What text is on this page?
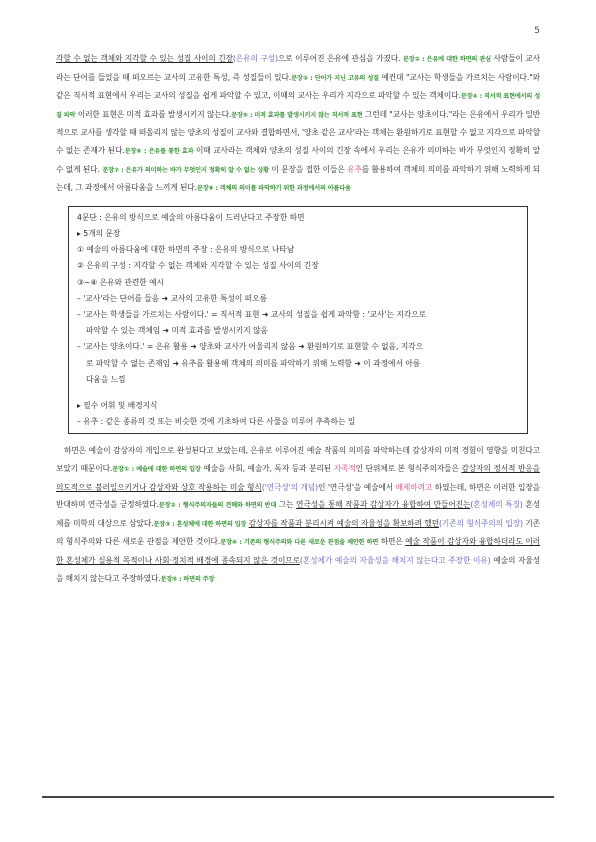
5

각할 수 없는 객체와 지각할 수 있는 성질 사이의 긴장(은유의 구성)으로 이루어진 은유에 관심을 가졌다. 문장② : 은유에 대한 하면의 관심 사람들이 교사라는 단어를 들었을 때 떠오르는 교사의 고유한 특성, 즉 성질들이 있다.문장③ : 단어가 지닌 고유의 성질 예컨대 "교사는 학생들을 가르치는 사람이다."와 같은 직서적 표현에서 우리는 교사의 성질을 쉽게 파악할 수 있고, 이때의 교사는 우리가 지각으로 파악할 수 있는 객체이다.문장④ : 직서적 표현에서의 성질 파악 이러한 표현은 미적 효과를 발생시키지 않는다.문장⑤ : 미적 효과를 발생시키지 않는 직서적 표현 그런데 "교사는 양초이다."라는 은유에서 우리가 일반적으로 교사를 생각할 때 떠올리지 않는 양초의 성질이 교사와 결합하면서, '양초 같은 교사'라는 객체는 환원하기로 표현할 수 없고 지각으로 파악할 수 없는 존재가 된다.문장⑥ : 은유를 통한 효과 이때 교사라는 객체와 양초의 성질 사이의 긴장 속에서 우리는 은유가 의미하는 바가 무엇인지 정확히 알 수 없게 된다. 문장⑦ : 은유가 의미하는 바가 무엇인지 정확히 알 수 없는 상황 이 문장을 접한 이들은 유추를 활용하여 객체의 의미를 파악하기 위해 노력하게 되는데, 그 과정에서 아름다움을 느끼게 된다.문장⑧ : 객체의 의미를 파악하기 위한 과정에서의 아름다움

4문단 : 은유의 방식으로 예술의 아름다움이 드러난다고 주장한 하면
▸ 5개의 문장
① 예술의 아름다움에 대한 하면의 주장 : 은유의 방식으로 나타남
② 은유의 구성 : 지각할 수 없는 객체와 지각할 수 있는 성질 사이의 긴장
③~⑧ 은유와 관련한 예시
– '교사'라는 단어를 들음 ➜ 교사의 고유한 특성이 떠오름
– '교사는 학생들을 가르치는 사람이다.' = 직서적 표현 ➜ 교사의 성질을 쉽게 파악함 : '교사'는 지각으로
파악할 수 있는 객체임 ➜ 미적 효과를 발생시키지 않음
– '교사는 양초이다.' = 은유 활용 ➜ 양초와 교사가 어울리지 않음 ➜ 환원하기로 표현할 수 없음, 지각으
로 파악할 수 없는 존재임 ➜ 유추를 활용해 객체의 의미를 파악하기 위해 노력함 ➜ 이 과정에서 아름
다움을 느낌
▸ 필수 어휘 및 배경지식
– 유추 : 같은 종류의 것 또는 비슷한 것에 기초하여 다른 사물을 미루어 추측하는 일

하면은 예술이 감상자의 개입으로 완성된다고 보았는데, 은유로 이루어진 예술 작품의 의미를 파악하는데 감상자의 미적 경험이 영향을 미친다고 보았기 때문이다.문장① : 예술에 대한 하면의 입장 예술을 사회, 예술가, 독자 등과 분리된 자족적인 단위체로 본 형식주의자들은 감상자의 정서적 반응을 의도적으로 불러일으키거나 감상자와 상호 작용하는 미술 형식('연극성'의 개념)인 '연극성'을 예술에서 배제하려고 하였는데, 하면은 이러한 입장을 반대하며 연극성을 긍정하였다.문장② : 형식주의자들의 견해와 하면의 반대 그는 연극성을 통해 작품과 감상자가 융합하여 만들어진는(혼성체의 특징) 혼성체를 미학의 대상으로 삼았다.문장③ : 혼성체에 대한 하면의 입장 감상자를 작품과 분리시켜 예술의 자율성을 확보하려 했던(기존의 형식주의의 입장) 기존의 형식주의와 다른 새로운 관점을 제안한 것이다.문장④ : 기존의 형식주의와 다른 새로운 관점을 제안한 하면 하면은 예술 작품이 감상자와 융합하더라도 이러한 혼성체가 실용적 목적이나 사회·정치적 배경에 종속되지 않은 것이므로(혼성체가 예술의 자율성을 해치지 않는다고 주장한 이유) 예술의 자율성을 해치지 않는다고 주장하였다.문장⑤ : 하면의 주장
